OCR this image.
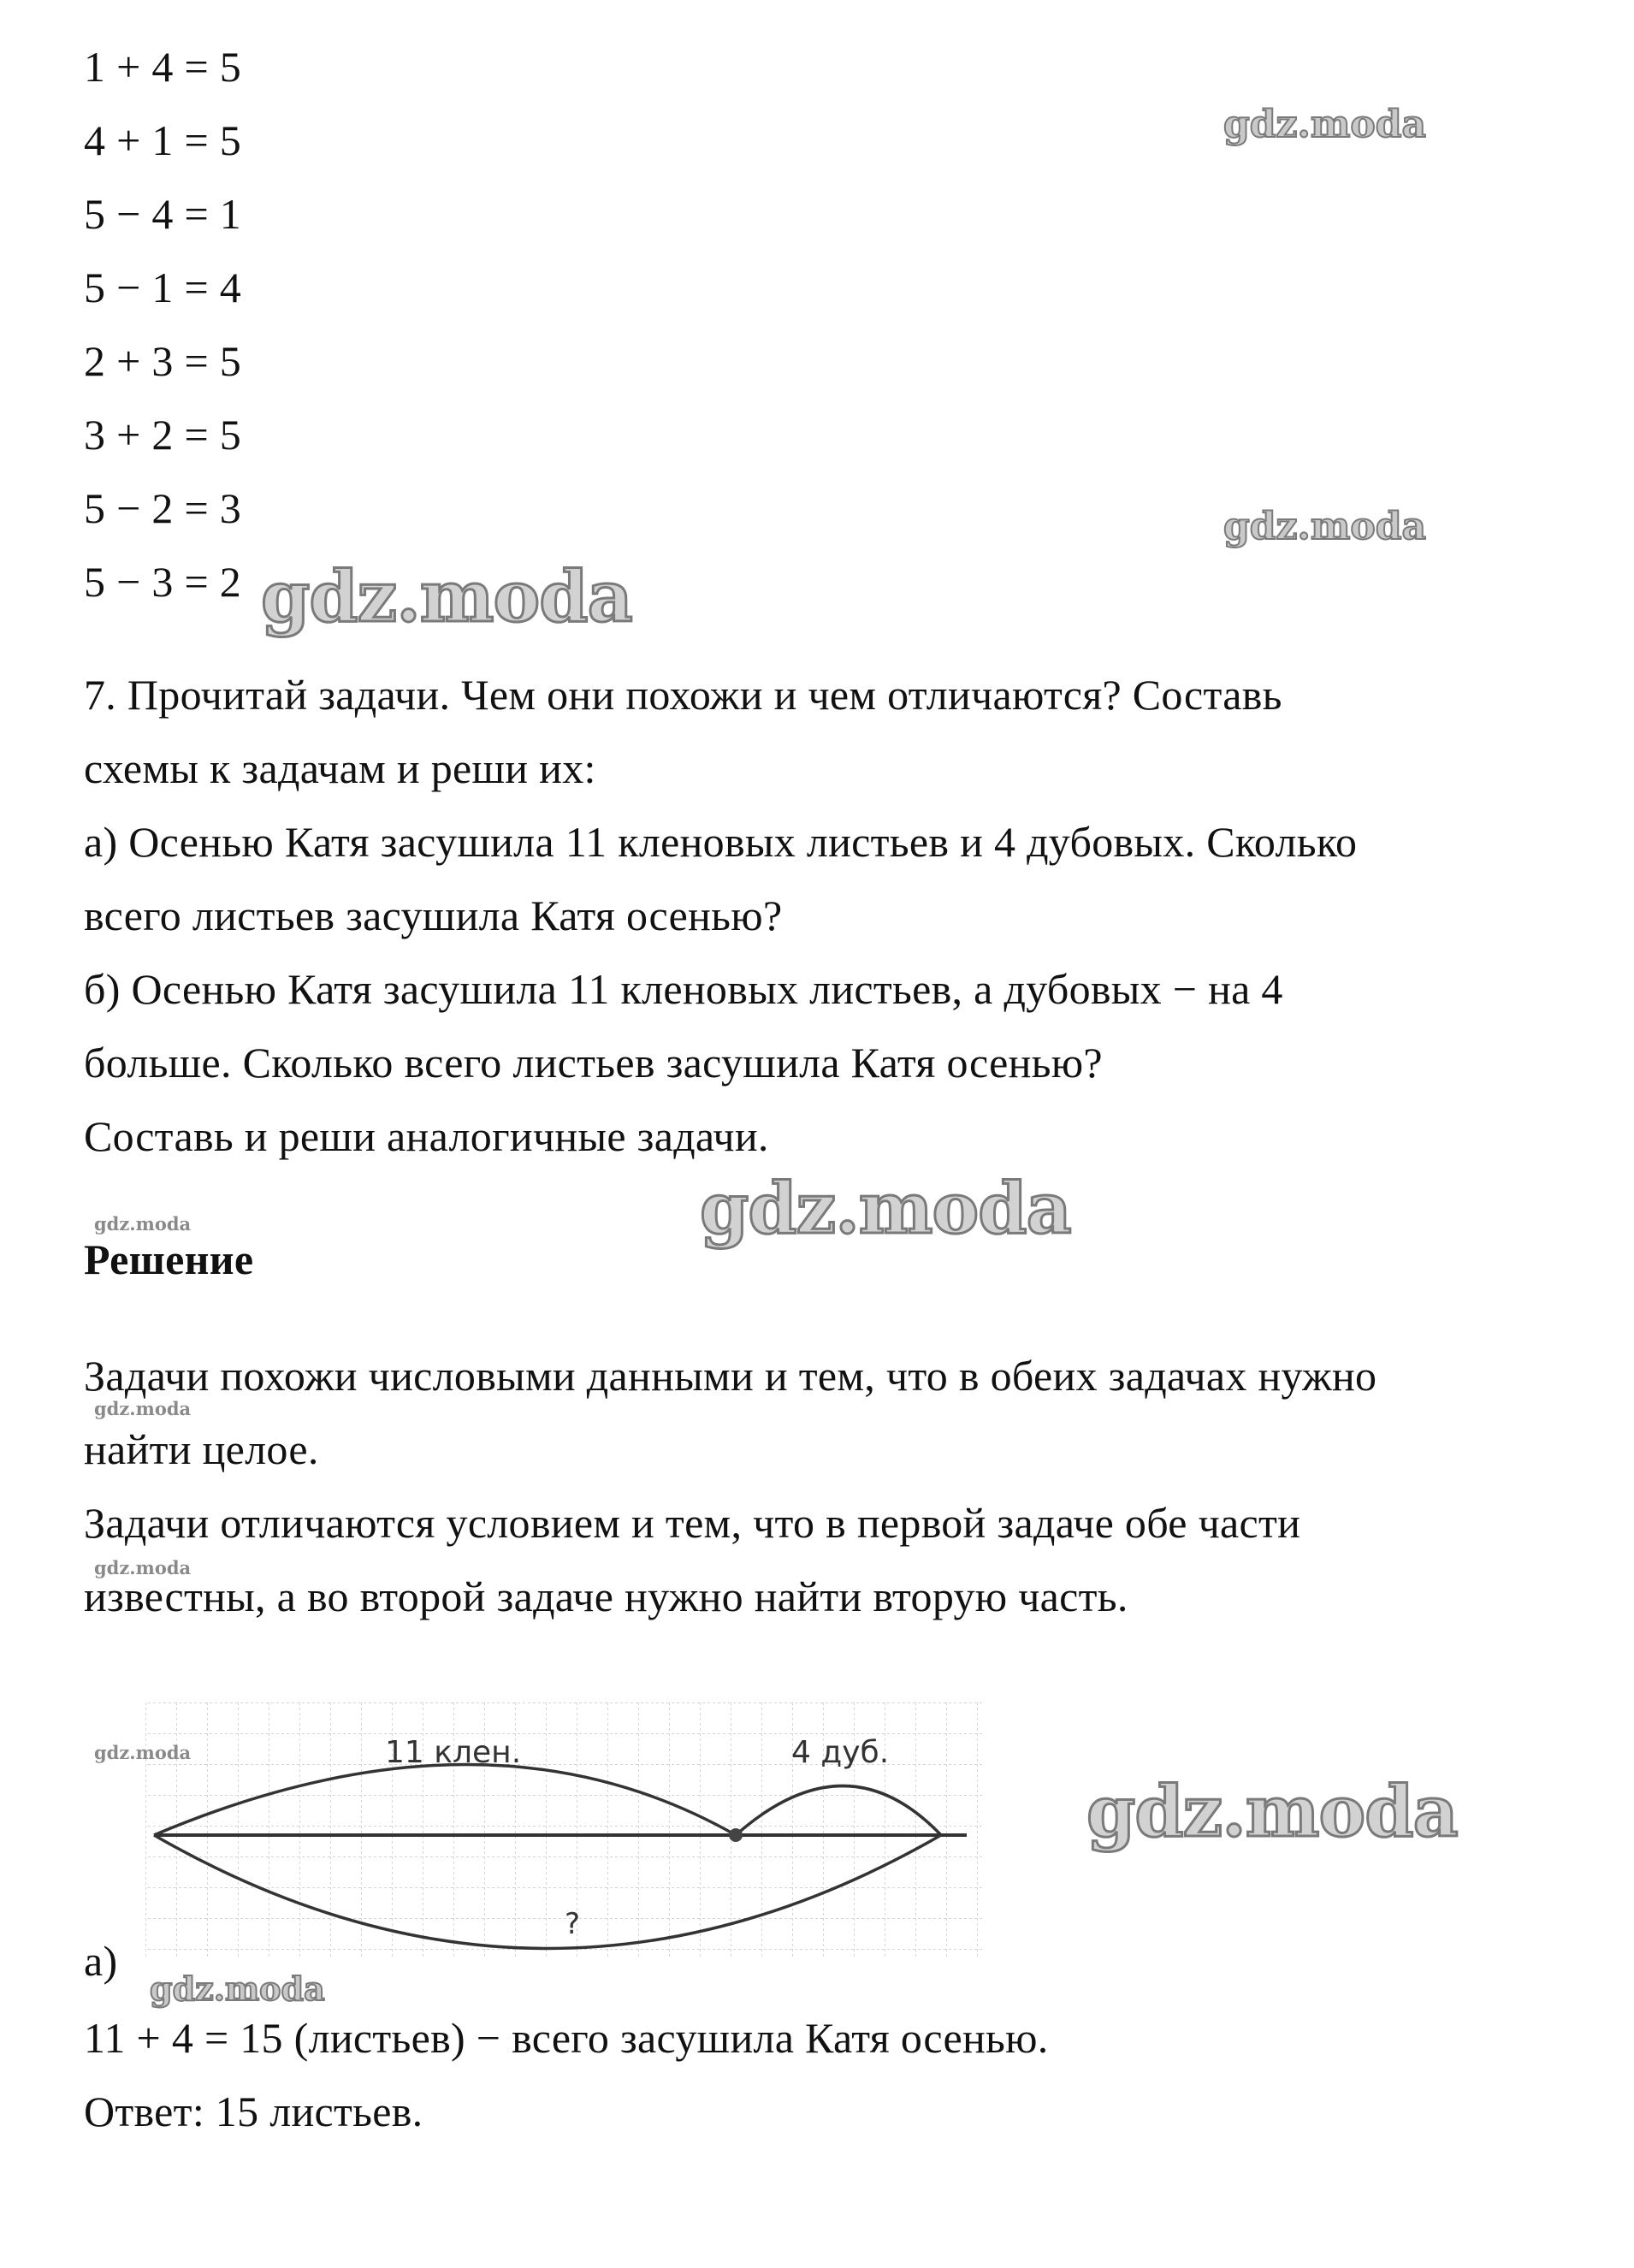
1 + 4 = 5
4 + 1 = 5
5 − 4 = 1
5 − 1 = 4
2 + 3 = 5
3 + 2 = 5
5 − 2 = 3
5 − 3 = 2
7. Прочитай задачи. Чем они похожи и чем отличаются? Составь
схемы к задачам и реши их:
а) Осенью Катя засушила 11 кленовых листьев и 4 дубовых. Сколько
всего листьев засушила Катя осенью?
б) Осенью Катя засушила 11 кленовых листьев, а дубовых − на 4
больше. Сколько всего листьев засушила Катя осенью?
Составь и реши аналогичные задачи.
Решение
Задачи похожи числовыми данными и тем, что в обеих задачах нужно
найти целое.
Задачи отличаются условием и тем, что в первой задаче обе части
известны, а во второй задаче нужно найти вторую часть.
11 клен.	4 дуб.
?
а)
11 + 4 = 15 (листьев) − всего засушила Катя осенью.
Ответ: 15 листьев.
gdz.moda
gdz.moda
gdz.moda
gdz.moda
gdz.moda
gdz.moda
gdz.moda
gdz.moda
gdz.moda
gdz.moda
